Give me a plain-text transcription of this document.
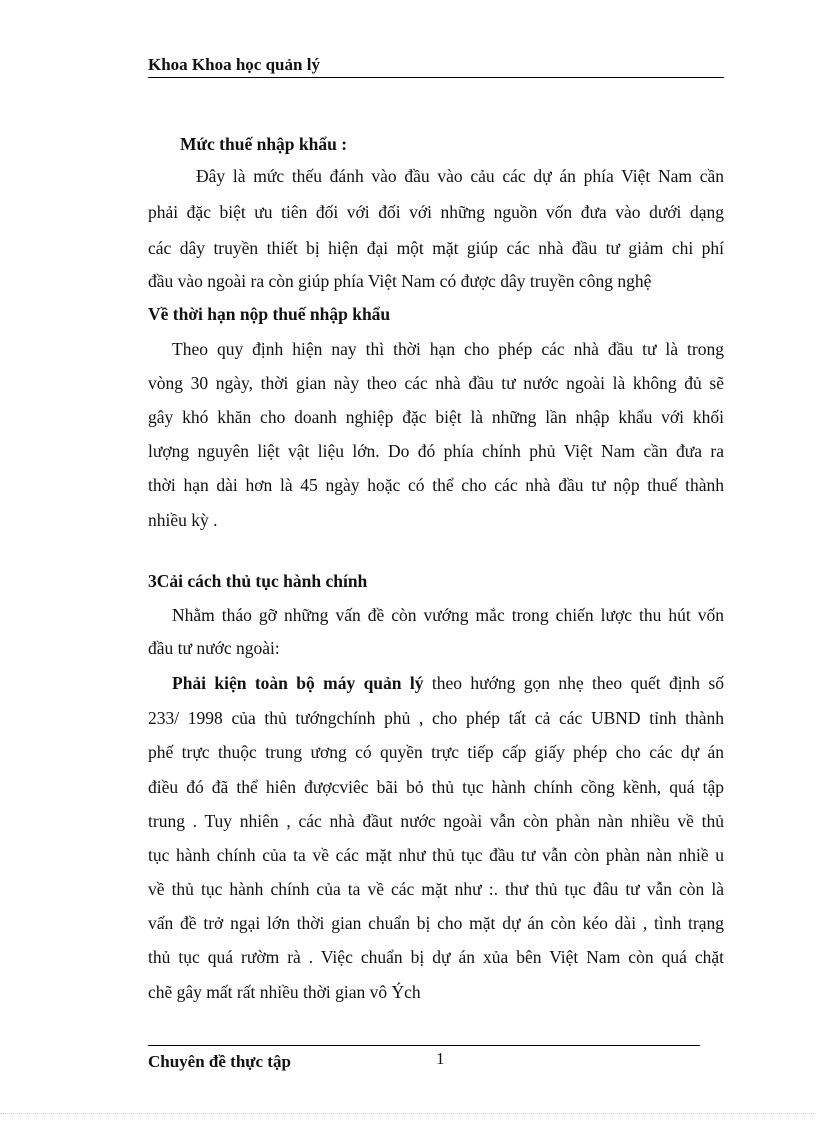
Khoa Khoa học quản lý
Mức thuế nhập khẩu :
Đây là mức thếu đánh vào đầu vào cảu các dự án phía Việt Nam cần
phải đặc biệt ưu tiên đối với đối với những nguồn vốn đưa vào dưới dạng
các dây truyền thiết bị hiện đại một mặt giúp các nhà đầu tư giảm chi phí
đầu vào ngoài ra còn giúp phía Việt Nam có được dây truyền công nghệ
Về thời hạn nộp thuế nhập khẩu
Theo quy định hiện nay thì thời hạn cho phép các nhà đầu tư là trong
vòng 30 ngày, thời gian này theo các nhà đầu tư nước ngoài là không đủ sẽ
gây khó khăn cho doanh nghiệp đặc biệt là những lần nhập khẩu với khối
lượng nguyên liệt vật liệu lớn. Do đó phía chính phủ Việt Nam cần đưa ra
thời hạn dài hơn là 45 ngày hoặc có thể cho các nhà đầu tư nộp thuế thành
nhiều kỳ .
3Cải cách thủ tục hành chính
Nhằm tháo gỡ những vấn đề còn vướng mắc trong chiến lược thu hút vốn
đầu tư nước ngoài:
Phải kiện toàn bộ máy quản lý theo hướng gọn nhẹ theo quết định số
233/ 1998 của thủ tướngchính phủ , cho phép tất cả các UBND tỉnh thành
phế trực thuộc trung ương có quyền trực tiếp cấp giấy phép cho các dự án
điều đó đã thể hiên đượcviêc bãi bỏ thủ tục hành chính cồng kềnh, quá tập
trung . Tuy nhiên , các nhà đầut nước ngoài vẫn còn phàn nàn nhiều về thủ
tục hành chính của ta về các mặt như thủ tục đầu tư vẫn còn phàn nàn nhiề u
về thủ tục hành chính của ta về các mặt như :. thư thủ tục đâu tư vẫn còn là
vấn đề trở ngại lớn thời gian chuẩn bị cho mặt dự án còn kéo dài , tình trạng
thủ tục quá rườm rà . Việc chuẩn bị dự án xủa bên Việt Nam còn quá chặt
chẽ gây mất rất nhiều thời gian vô Ých
Chuyên đề thực tập	1
